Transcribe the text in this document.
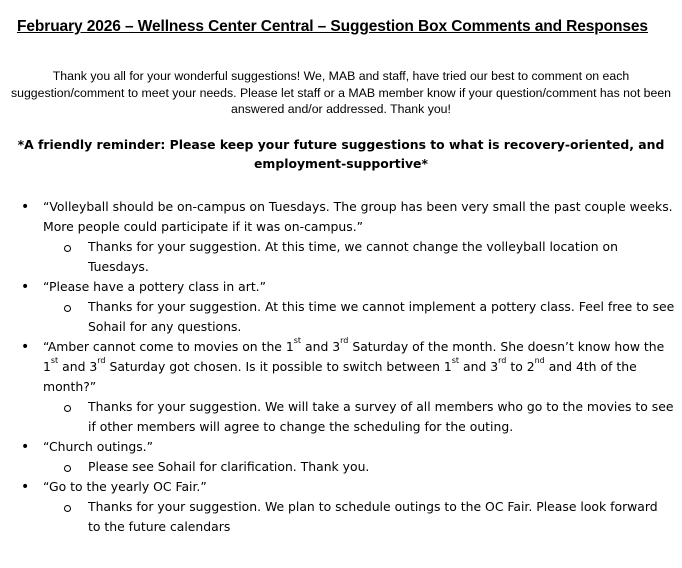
February 2026 – Wellness Center Central – Suggestion Box Comments and Responses
Thank you all for your wonderful suggestions! We, MAB and staff, have tried our best to comment on each
suggestion/comment to meet your needs. Please let staff or a MAB member know if your question/comment has not been
answered and/or addressed. Thank you!
*A friendly reminder: Please keep your future suggestions to what is recovery-oriented, and
employment-supportive*
• “Volleyball should be on-campus on Tuesdays. The group has been very small the past couple weeks.
More people could participate if it was on-campus.”
Thanks for your suggestion. At this time, we cannot change the volleyball location on
Tuesdays.
• “Please have a pottery class in art.”
Thanks for your suggestion. At this time we cannot implement a pottery class. Feel free to see
Sohail for any questions.
• “Amber cannot come to movies on the 1st and 3rd Saturday of the month. She doesn’t know how the
1st and 3rd Saturday got chosen. Is it possible to switch between 1st and 3rd to 2nd and 4th of the
month?”
Thanks for your suggestion. We will take a survey of all members who go to the movies to see
if other members will agree to change the scheduling for the outing.
• “Church outings.”
Please see Sohail for clarification. Thank you.
• “Go to the yearly OC Fair.”
Thanks for your suggestion. We plan to schedule outings to the OC Fair. Please look forward
to the future calendars
